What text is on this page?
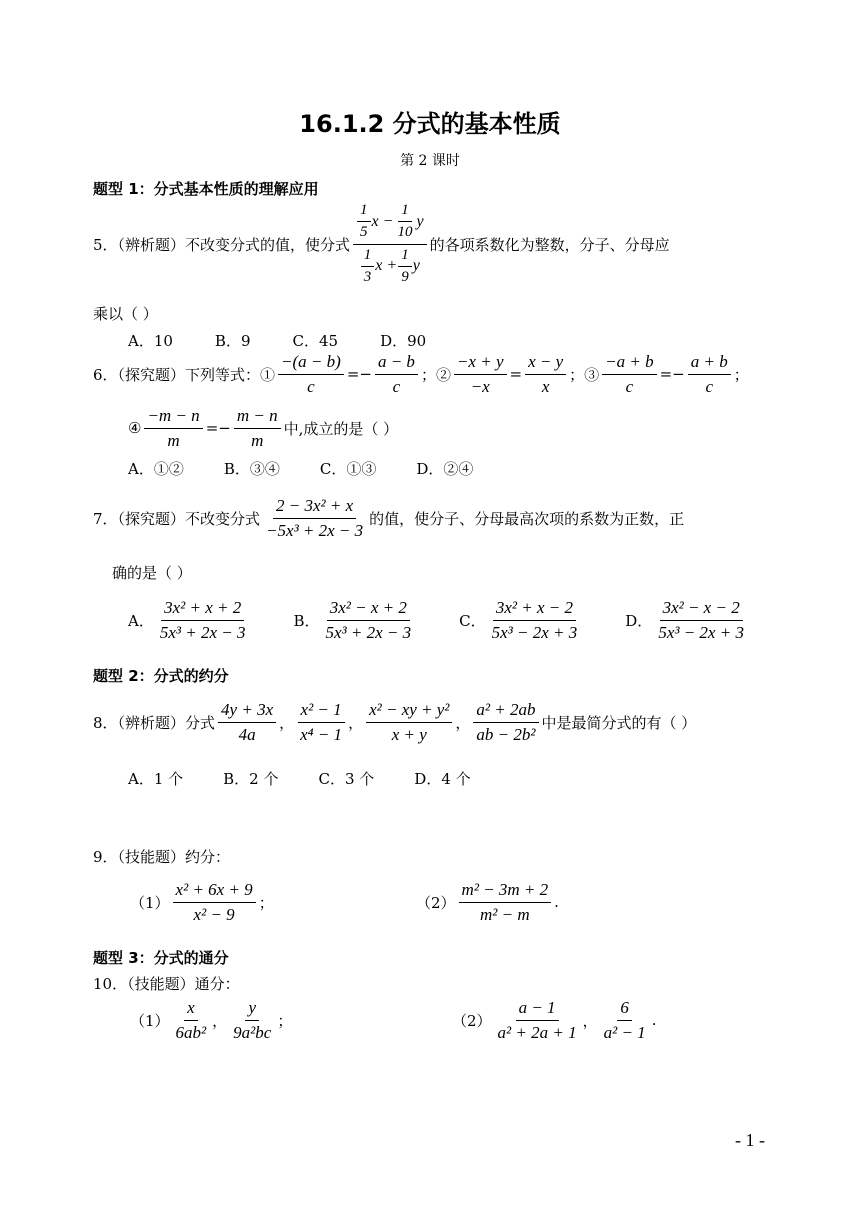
16.1.2 分式的基本性质
第 2 课时
题型 1：分式基本性质的理解应用
5．（辨析题）不改变分式的值，使分式 $\frac{\frac{1}{5} x - \frac{1}{10} y}{\frac{1}{3} x + \frac{1}{9} y}$ 的各项系数化为整数，分子、分母应
乘以（ ）
A．10	B．9	C．45	D．90
6．（探究题）下列等式：① $\frac{-(a - b)}{c} =- \frac{a - b}{c}$ ；② $\frac{-x + y}{-x} = \frac{x - y}{x}$ ；③ $\frac{-a + b}{c} =- \frac{a + b}{c}$ ；
④ $\frac{-m - n}{m} =- \frac{m - n}{m}$ 中,成立的是（ ）
A．①②	B．③④	C．①③	D．②④
7．（探究题）不改变分式 $\frac{\text{2 − 3x² + x}}{\text{−5x³ + 2x − 3}}$ 的值，使分子、分母最高次项的系数为正数，正
确的是（ ）
A． $\frac{\text{3x² + x + 2}}{\text{5x³ + 2x − 3}}$	B． $\frac{\text{3x² − x + 2}}{\text{5x³ + 2x − 3}}$	C． $\frac{\text{3x² + x − 2}}{\text{5x³ − 2x + 3}}$	D． $\frac{\text{3x² − x − 2}}{\text{5x³ − 2x + 3}}$
题型 2：分式的约分
8．（辨析题）分式 $\frac{4y + 3x}{4a}$ ， $\frac{\text{x² − 1}}{\text{x⁴ − 1}}$ ， $\frac{\text{x² − xy + y²}}{x + y}$ ， $\frac{\text{a² + 2ab}}{\text{ab − 2b²}}$ 中是最简分式的有（ ）
A．1 个	B．2 个	C．3 个	D．4 个
9．（技能题）约分：
$(1) \frac{\text{x² + 6x + 9}}{\text{x² − 9}}$ ；	$(2) \frac{\text{m² − 3m + 2}}{\text{m² − m}}$ .
题型 3：分式的通分
10．（技能题）通分：
$(1) \frac{x}{\text{6ab²}}$ ， $\frac{y}{\text{9a²bc}}$ ；	$(2) \frac{a - 1}{\text{a² + 2a + 1}}$ ， $\frac{6}{\text{a² − 1}}$ .
- 1 -
